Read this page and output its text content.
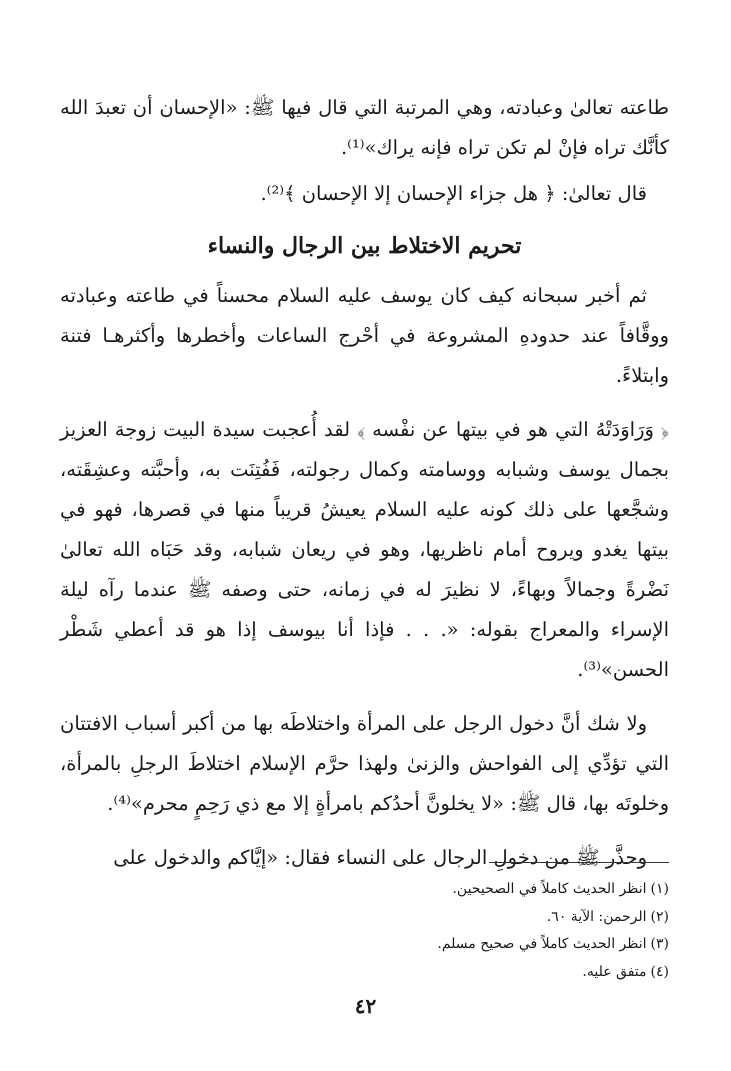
طاعته تعالىٰ وعبادته، وهي المرتبة التي قال فيها ﷺ: «الإحسان أن تعبدَ الله كأنَّك تراه فإنْ لم تكن تراه فإنه يراك»⁽¹⁾.

قال تعالىٰ: ﴿ هل جزاء الإحسان إلا الإحسان ﴾⁽²⁾.

تحريم الاختلاط بين الرجال والنساء

ثم أخبر سبحانه كيف كان يوسف عليه السلام محسناً في طاعته وعبادته ووقَّافاً عند حدودهِ المشروعة في أحْرج الساعات وأخطرها وأكثرهـا فتنة وابتلاءً.

﴿ وَرَاوَدَتْهُ التي هو في بيتها عن نفْسه ﴾ لقد أُعجبت سيدة البيت زوجة العزيز بجمال يوسف وشبابه ووسامته وكمال رجولته، فَفُتِنَت به، وأحبَّته وعشِقَته، وشجَّعها على ذلك كونه عليه السلام يعيشُ قريباً منها في قصرها، فهو في بيتها يغدو ويروح أمام ناظريها، وهو في ريعان شبابه، وقد حَبَاه الله تعالىٰ نَضْرةً وجمالاً وبهاءً، لا نظيرَ له في زمانه، حتى وصفه ﷺ عندما رآه ليلة الإسراء والمعراج بقوله: «. . . فإذا أنا بيوسف إذا هو قد أعطي شَطْر الحسن»⁽³⁾.

ولا شك أنَّ دخول الرجل على المرأة واختلاطَه بها من أكبر أسباب الافتتان التي تؤدِّي إلى الفواحش والزنىٰ ولهذا حرَّم الإسلام اختلاطَ الرجلِ بالمرأة، وخلوتَه بها، قال ﷺ: «لا يخلونَّ أحدُكم بامرأةٍ إلا مع ذي رَحِمٍ محرم»⁽⁴⁾.

وحذَّر ﷺ من دخولِ الرجال على النساء فقال: «إيَّاكم والدخول على

(١)
انظر الحديث كاملاً في الصحيحين.

(٢)
الرحمن: الآية ٦٠.

(٣)
انظر الحديث كاملاً في صحيح مسلم.

(٤)
متفق عليه.

٤٢
